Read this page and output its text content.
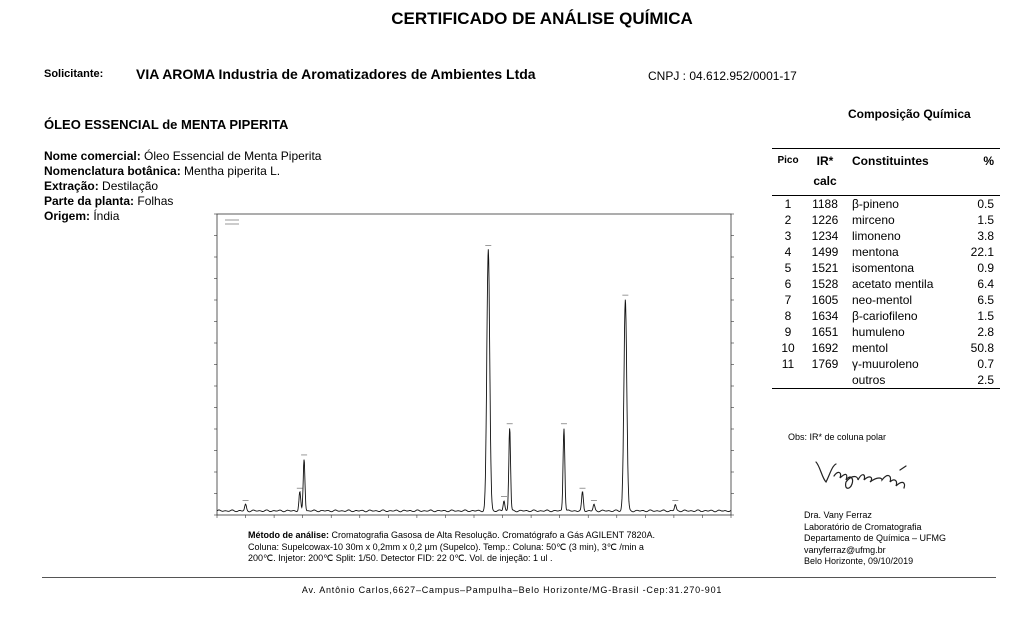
CERTIFICADO DE ANÁLISE QUÍMICA
Solicitante: VIA AROMA Industria de Aromatizadores de Ambientes Ltda	CNPJ : 04.612.952/0001-17
ÓLEO ESSENCIAL de MENTA PIPERITA
Nome comercial: Óleo Essencial de Menta Piperita
Nomenclatura botânica: Mentha piperita L.
Extração: Destilação
Parte da planta: Folhas
Origem: Índia
Composição Química
Pico	IR*	Constituintes	%
	calc		
1	1188	β-pineno	0.5
2	1226	mirceno	1.5
3	1234	limoneno	3.8
4	1499	mentona	22.1
5	1521	isomentona	0.9
6	1528	acetato mentila	6.4
7	1605	neo-mentol	6.5
8	1634	β-cariofileno	1.5
9	1651	humuleno	2.8
10	1692	mentol	50.8
11	1769	γ-muuroleno	0.7
		outros	2.5
Obs: IR* de coluna polar
Dra. Vany Ferraz
Laboratório de Cromatografia
Departamento de Química – UFMG
vanyferraz@ufmg.br
Belo Horizonte, 09/10/2019
Método de análise: Cromatografia Gasosa de Alta Resolução. Cromatógrafo a Gás AGILENT 7820A.
Coluna: Supelcowax-10 30m x 0,2mm x 0,2 µm (Supelco). Temp.: Coluna: 50℃ (3 min), 3℃ /min a
200℃. Injetor: 200℃ Split: 1/50. Detector FID: 22 0℃. Vol. de injeção: 1 ul .
Av. Antônio Carlos,6627–Campus–Pampulha–Belo Horizonte/MG-Brasil -Cep:31.270-901
